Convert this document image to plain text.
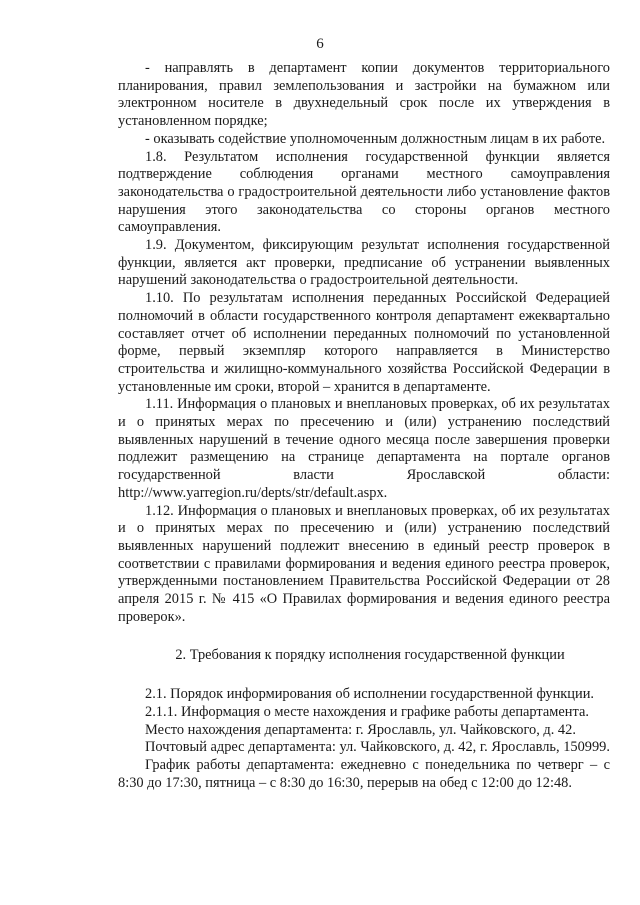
6

- направлять в департамент копии документов территориального планирования, правил землепользования и застройки на бумажном или электронном носителе в двухнедельный срок после их утверждения в установленном порядке;

- оказывать содействие уполномоченным должностным лицам в их работе.

1.8. Результатом исполнения государственной функции является подтверждение соблюдения органами местного самоуправления законодательства о градостроительной деятельности либо установление фактов нарушения этого законодательства со стороны органов местного самоуправления.

1.9. Документом, фиксирующим результат исполнения государственной функции, является акт проверки, предписание об устранении выявленных нарушений законодательства о градостроительной деятельности.

1.10. По результатам исполнения переданных Российской Федерацией полномочий в области государственного контроля департамент ежеквартально составляет отчет об исполнении переданных полномочий по установленной форме, первый экземпляр которого направляется в Министерство строительства и жилищно-коммунального хозяйства Российской Федерации в установленные им сроки, второй – хранится в департаменте.

1.11. Информация о плановых и внеплановых проверках, об их результатах и о принятых мерах по пресечению и (или) устранению последствий выявленных нарушений в течение одного месяца после завершения проверки подлежит размещению на странице департамента на портале органов государственной власти Ярославской области: http://www.yarregion.ru/depts/str/default.aspx.

1.12. Информация о плановых и внеплановых проверках, об их результатах и о принятых мерах по пресечению и (или) устранению последствий выявленных нарушений подлежит внесению в единый реестр проверок в соответствии с правилами формирования и ведения единого реестра проверок, утвержденными постановлением Правительства Российской Федерации от 28 апреля 2015 г. № 415 «О Правилах формирования и ведения единого реестра проверок».

2. Требования к порядку исполнения государственной функции

2.1. Порядок информирования об исполнении государственной функции.

2.1.1. Информация о месте нахождения и графике работы департамента.

Место нахождения департамента: г. Ярославль, ул. Чайковского, д. 42.

Почтовый адрес департамента: ул. Чайковского, д. 42, г. Ярославль, 150999.

График работы департамента: ежедневно с понедельника по четверг – с 8:30 до 17:30, пятница – с 8:30 до 16:30, перерыв на обед с 12:00 до 12:48.
